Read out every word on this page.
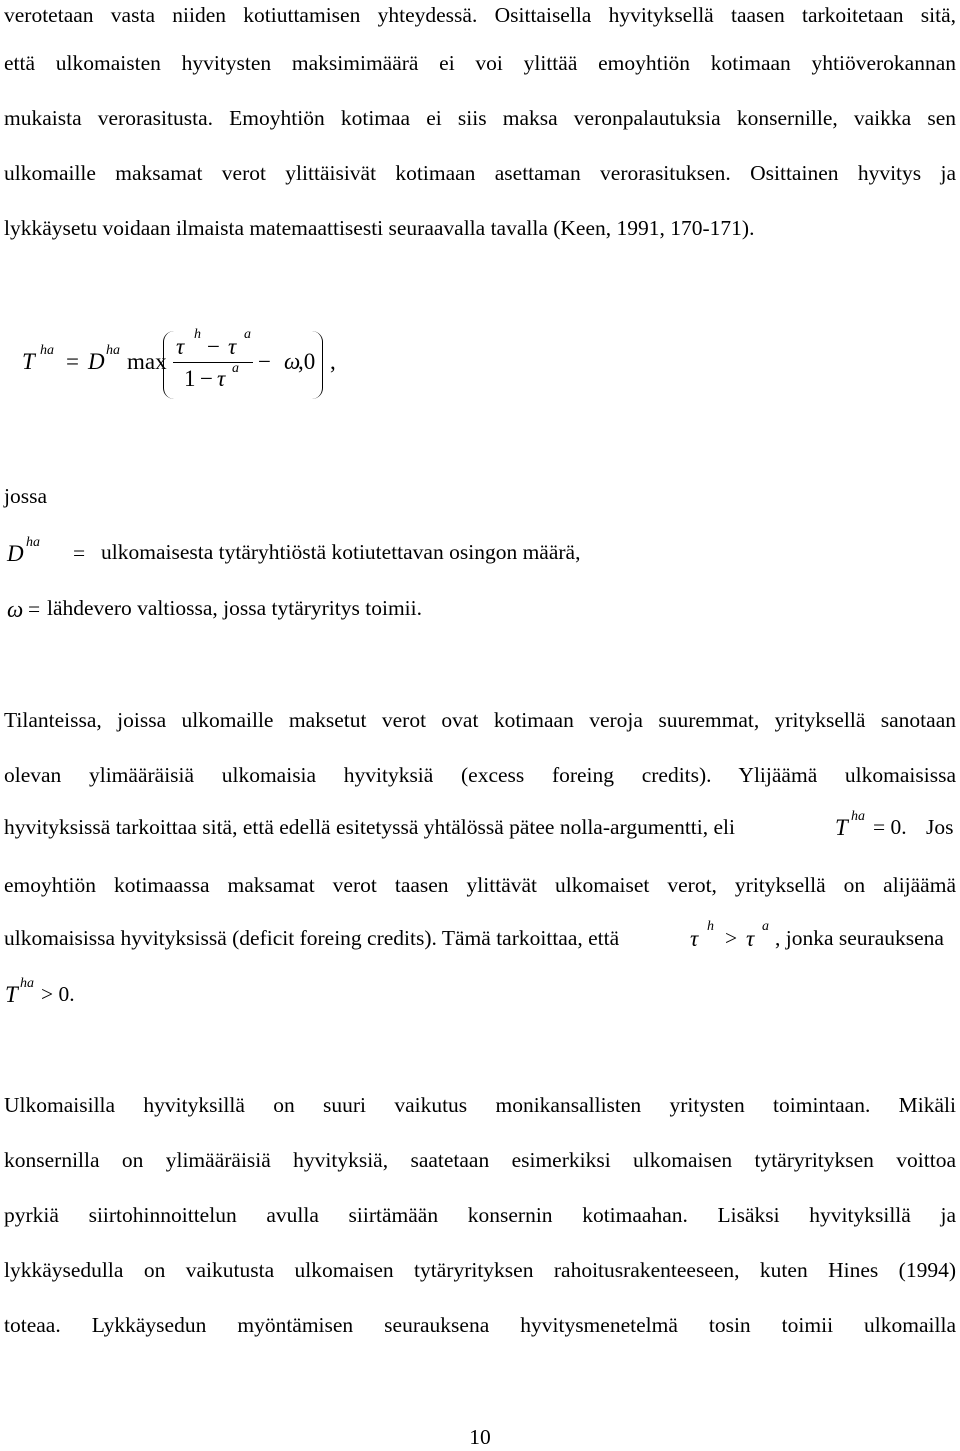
verotetaan vasta niiden kotiuttamisen yhteydessä. Osittaisella hyvityksellä taasen tarkoitetaan sitä,
että ulkomaisten hyvitysten maksimimäärä ei voi ylittää emoyhtiön kotimaan yhtiöverokannan
mukaista verorasitusta. Emoyhtiön kotimaa ei siis maksa veronpalautuksia konsernille, vaikka sen
ulkomaille maksamat verot ylittäisivät kotimaan asettaman verorasituksen. Osittainen hyvitys ja
lykkäysetu voidaan ilmaista matemaattisesti seuraavalla tavalla (Keen, 1991, 170-171).
T ha = D ha max
τ h − τ a
1 − τ a − ω
,0 ,
jossa
D ha = ulkomaisesta tytäryhtiöstä kotiutettavan osingon määrä,
ω = lähdevero valtiossa, jossa tytäryritys toimii.
Tilanteissa, joissa ulkomaille maksetut verot ovat kotimaan veroja suuremmat, yrityksellä sanotaan
olevan ylimääräisiä ulkomaisia hyvityksiä (excess foreing credits). Ylijäämä ulkomaisissa
hyvityksissä tarkoittaa sitä, että edellä esitetyssä yhtälössä pätee nolla-argumentti, eli	T ha = 0. Jos
emoyhtiön kotimaassa maksamat verot taasen ylittävät ulkomaiset verot, yrityksellä on alijäämä
ulkomaisissa hyvityksissä (deficit foreing credits). Tämä tarkoittaa, että	τ h > τ a , jonka seurauksena
T ha > 0.
Ulkomaisilla hyvityksillä on suuri vaikutus monikansallisten yritysten toimintaan. Mikäli
konsernilla on ylimääräisiä hyvityksiä, saatetaan esimerkiksi ulkomaisen tytäryrityksen voittoa
pyrkiä siirtohinnoittelun avulla siirtämään konsernin kotimaahan. Lisäksi hyvityksillä ja
lykkäysedulla on vaikutusta ulkomaisen tytäryrityksen rahoitusrakenteeseen, kuten Hines (1994)
toteaa. Lykkäysedun myöntämisen seurauksena hyvitysmenetelmä tosin toimii ulkomailla
10
